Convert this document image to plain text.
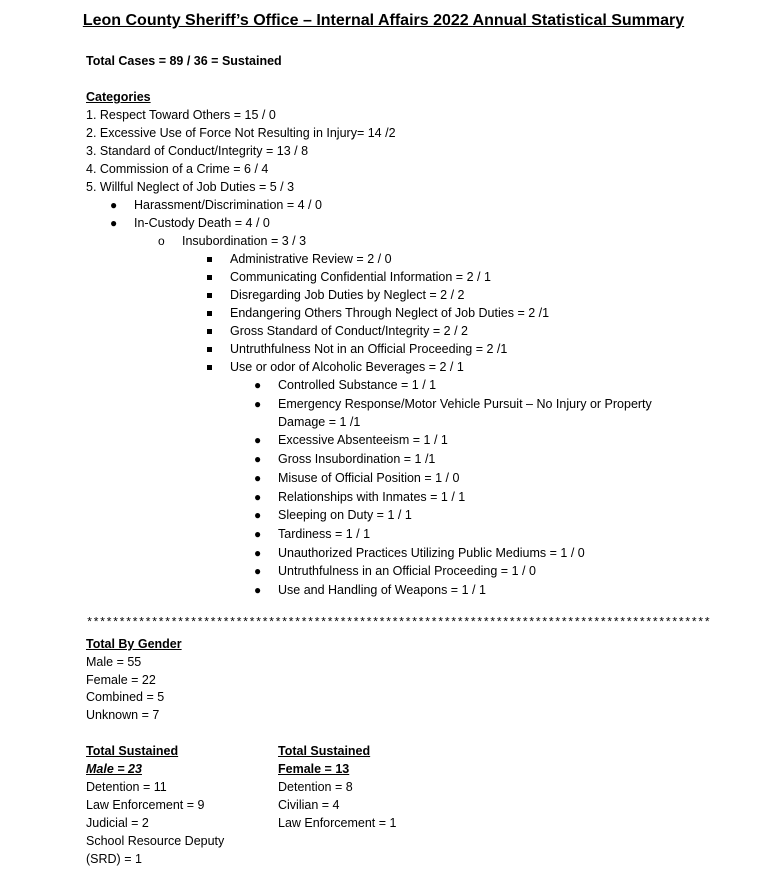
Leon County Sheriff’s Office – Internal Affairs 2022 Annual Statistical Summary
Total Cases = 89 / 36 = Sustained
Categories
1. Respect Toward Others = 15 / 0
2. Excessive Use of Force Not Resulting in Injury= 14 /2
3. Standard of Conduct/Integrity = 13 / 8
4. Commission of a Crime = 6 / 4
5. Willful Neglect of Job Duties = 5 / 3
● Harassment/Discrimination = 4 / 0
● In-Custody Death = 4 / 0
o Insubordination = 3 / 3
Administrative Review = 2 / 0
Communicating Confidential Information = 2 / 1
Disregarding Job Duties by Neglect = 2 / 2
Endangering Others Through Neglect of Job Duties = 2 /1
Gross Standard of Conduct/Integrity = 2 / 2
Untruthfulness Not in an Official Proceeding = 2 /1
Use or odor of Alcoholic Beverages = 2 / 1
● Controlled Substance = 1 / 1
● Emergency Response/Motor Vehicle Pursuit – No Injury or Property
Damage = 1 /1
● Excessive Absenteeism = 1 / 1
● Gross Insubordination = 1 /1
● Misuse of Official Position = 1 / 0
● Relationships with Inmates = 1 / 1
● Sleeping on Duty = 1 / 1
● Tardiness = 1 / 1
● Unauthorized Practices Utilizing Public Mediums = 1 / 0
● Untruthfulness in an Official Proceeding = 1 / 0
● Use and Handling of Weapons = 1 / 1
************************************************************************************************
Total By Gender
Male = 55
Female = 22
Combined = 5
Unknown = 7
Total Sustained
Male = 23
Detention = 11
Law Enforcement = 9
Judicial = 2
School Resource Deputy
(SRD) = 1
Total Sustained
Female = 13
Detention = 8
Civilian = 4
Law Enforcement = 1
